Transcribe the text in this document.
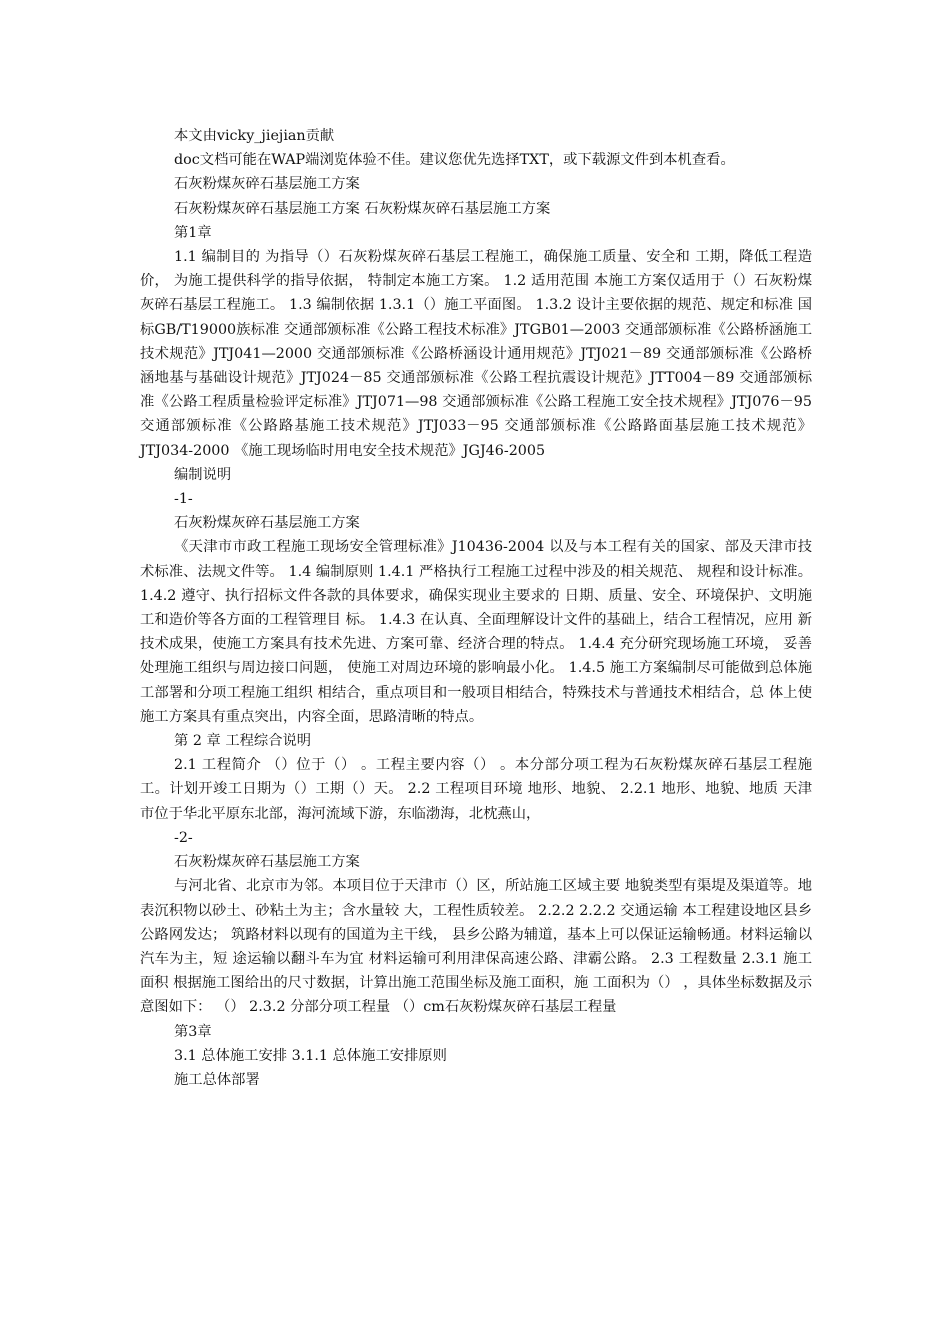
本文由vicky_jiejian贡献

doc文档可能在WAP端浏览体验不佳。建议您优先选择TXT，或下载源文件到本机查看。

石灰粉煤灰碎石基层施工方案

石灰粉煤灰碎石基层施工方案 石灰粉煤灰碎石基层施工方案

第1章

1.1 编制目的 为指导（）石灰粉煤灰碎石基层工程施工，确保施工质量、安全和 工期，降低工程造价， 为施工提供科学的指导依据， 特制定本施工方案。 1.2 适用范围 本施工方案仅适用于（）石灰粉煤灰碎石基层工程施工。 1.3 编制依据 1.3.1（）施工平面图。 1.3.2 设计主要依据的规范、规定和标准 国标GB/T19000族标准 交通部颁标准《公路工程技术标准》JTGB01—2003 交通部颁标准《公路桥涵施工技术规范》JTJ041—2000 交通部颁标准《公路桥涵设计通用规范》JTJ021－89 交通部颁标准《公路桥涵地基与基础设计规范》JTJ024－85 交通部颁标准《公路工程抗震设计规范》JTT004－89 交通部颁标准《公路工程质量检验评定标准》JTJ071—98 交通部颁标准《公路工程施工安全技术规程》JTJ076－95 交通部颁标准《公路路基施工技术规范》JTJ033－95 交通部颁标准《公路路面基层施工技术规范》JTJ034-2000 《施工现场临时用电安全技术规范》JGJ46-2005

编制说明

-1-

石灰粉煤灰碎石基层施工方案

《天津市市政工程施工现场安全管理标准》J10436-2004 以及与本工程有关的国家、部及天津市技术标准、法规文件等。 1.4 编制原则 1.4.1 严格执行工程施工过程中涉及的相关规范、 规程和设计标准。 1.4.2 遵守、执行招标文件各款的具体要求，确保实现业主要求的 日期、质量、安全、环境保护、文明施工和造价等各方面的工程管理目 标。 1.4.3 在认真、全面理解设计文件的基础上，结合工程情况，应用 新技术成果，使施工方案具有技术先进、方案可靠、经济合理的特点。 1.4.4 充分研究现场施工环境， 妥善处理施工组织与周边接口问题， 使施工对周边环境的影响最小化。 1.4.5 施工方案编制尽可能做到总体施工部署和分项工程施工组织 相结合，重点项目和一般项目相结合，特殊技术与普通技术相结合，总 体上使施工方案具有重点突出，内容全面，思路清晰的特点。

第 2 章 工程综合说明

2.1 工程简介 （）位于（） 。工程主要内容（） 。本分部分项工程为石灰粉煤灰碎石基层工程施工。计划开竣工日期为（）工期（）天。 2.2 工程项目环境 地形、地貌、 2.2.1 地形、地貌、地质 天津市位于华北平原东北部，海河流域下游，东临渤海，北枕燕山，

-2-

石灰粉煤灰碎石基层施工方案

与河北省、北京市为邻。本项目位于天津市（）区，所站施工区域主要 地貌类型有渠堤及渠道等。地表沉积物以砂土、砂粘土为主；含水量较 大，工程性质较差。 2.2.2 2.2.2 交通运输 本工程建设地区县乡公路网发达； 筑路材料以现有的国道为主干线， 县乡公路为辅道，基本上可以保证运输畅通。材料运输以汽车为主，短 途运输以翻斗车为宜 材料运输可利用津保高速公路、津霸公路。 2.3 工程数量 2.3.1 施工面积 根据施工图给出的尺寸数据，计算出施工范围坐标及施工面积，施 工面积为（） ，具体坐标数据及示意图如下： （） 2.3.2 分部分项工程量 （）cm石灰粉煤灰碎石基层工程量

第3章

3.1 总体施工安排 3.1.1 总体施工安排原则

施工总体部署
